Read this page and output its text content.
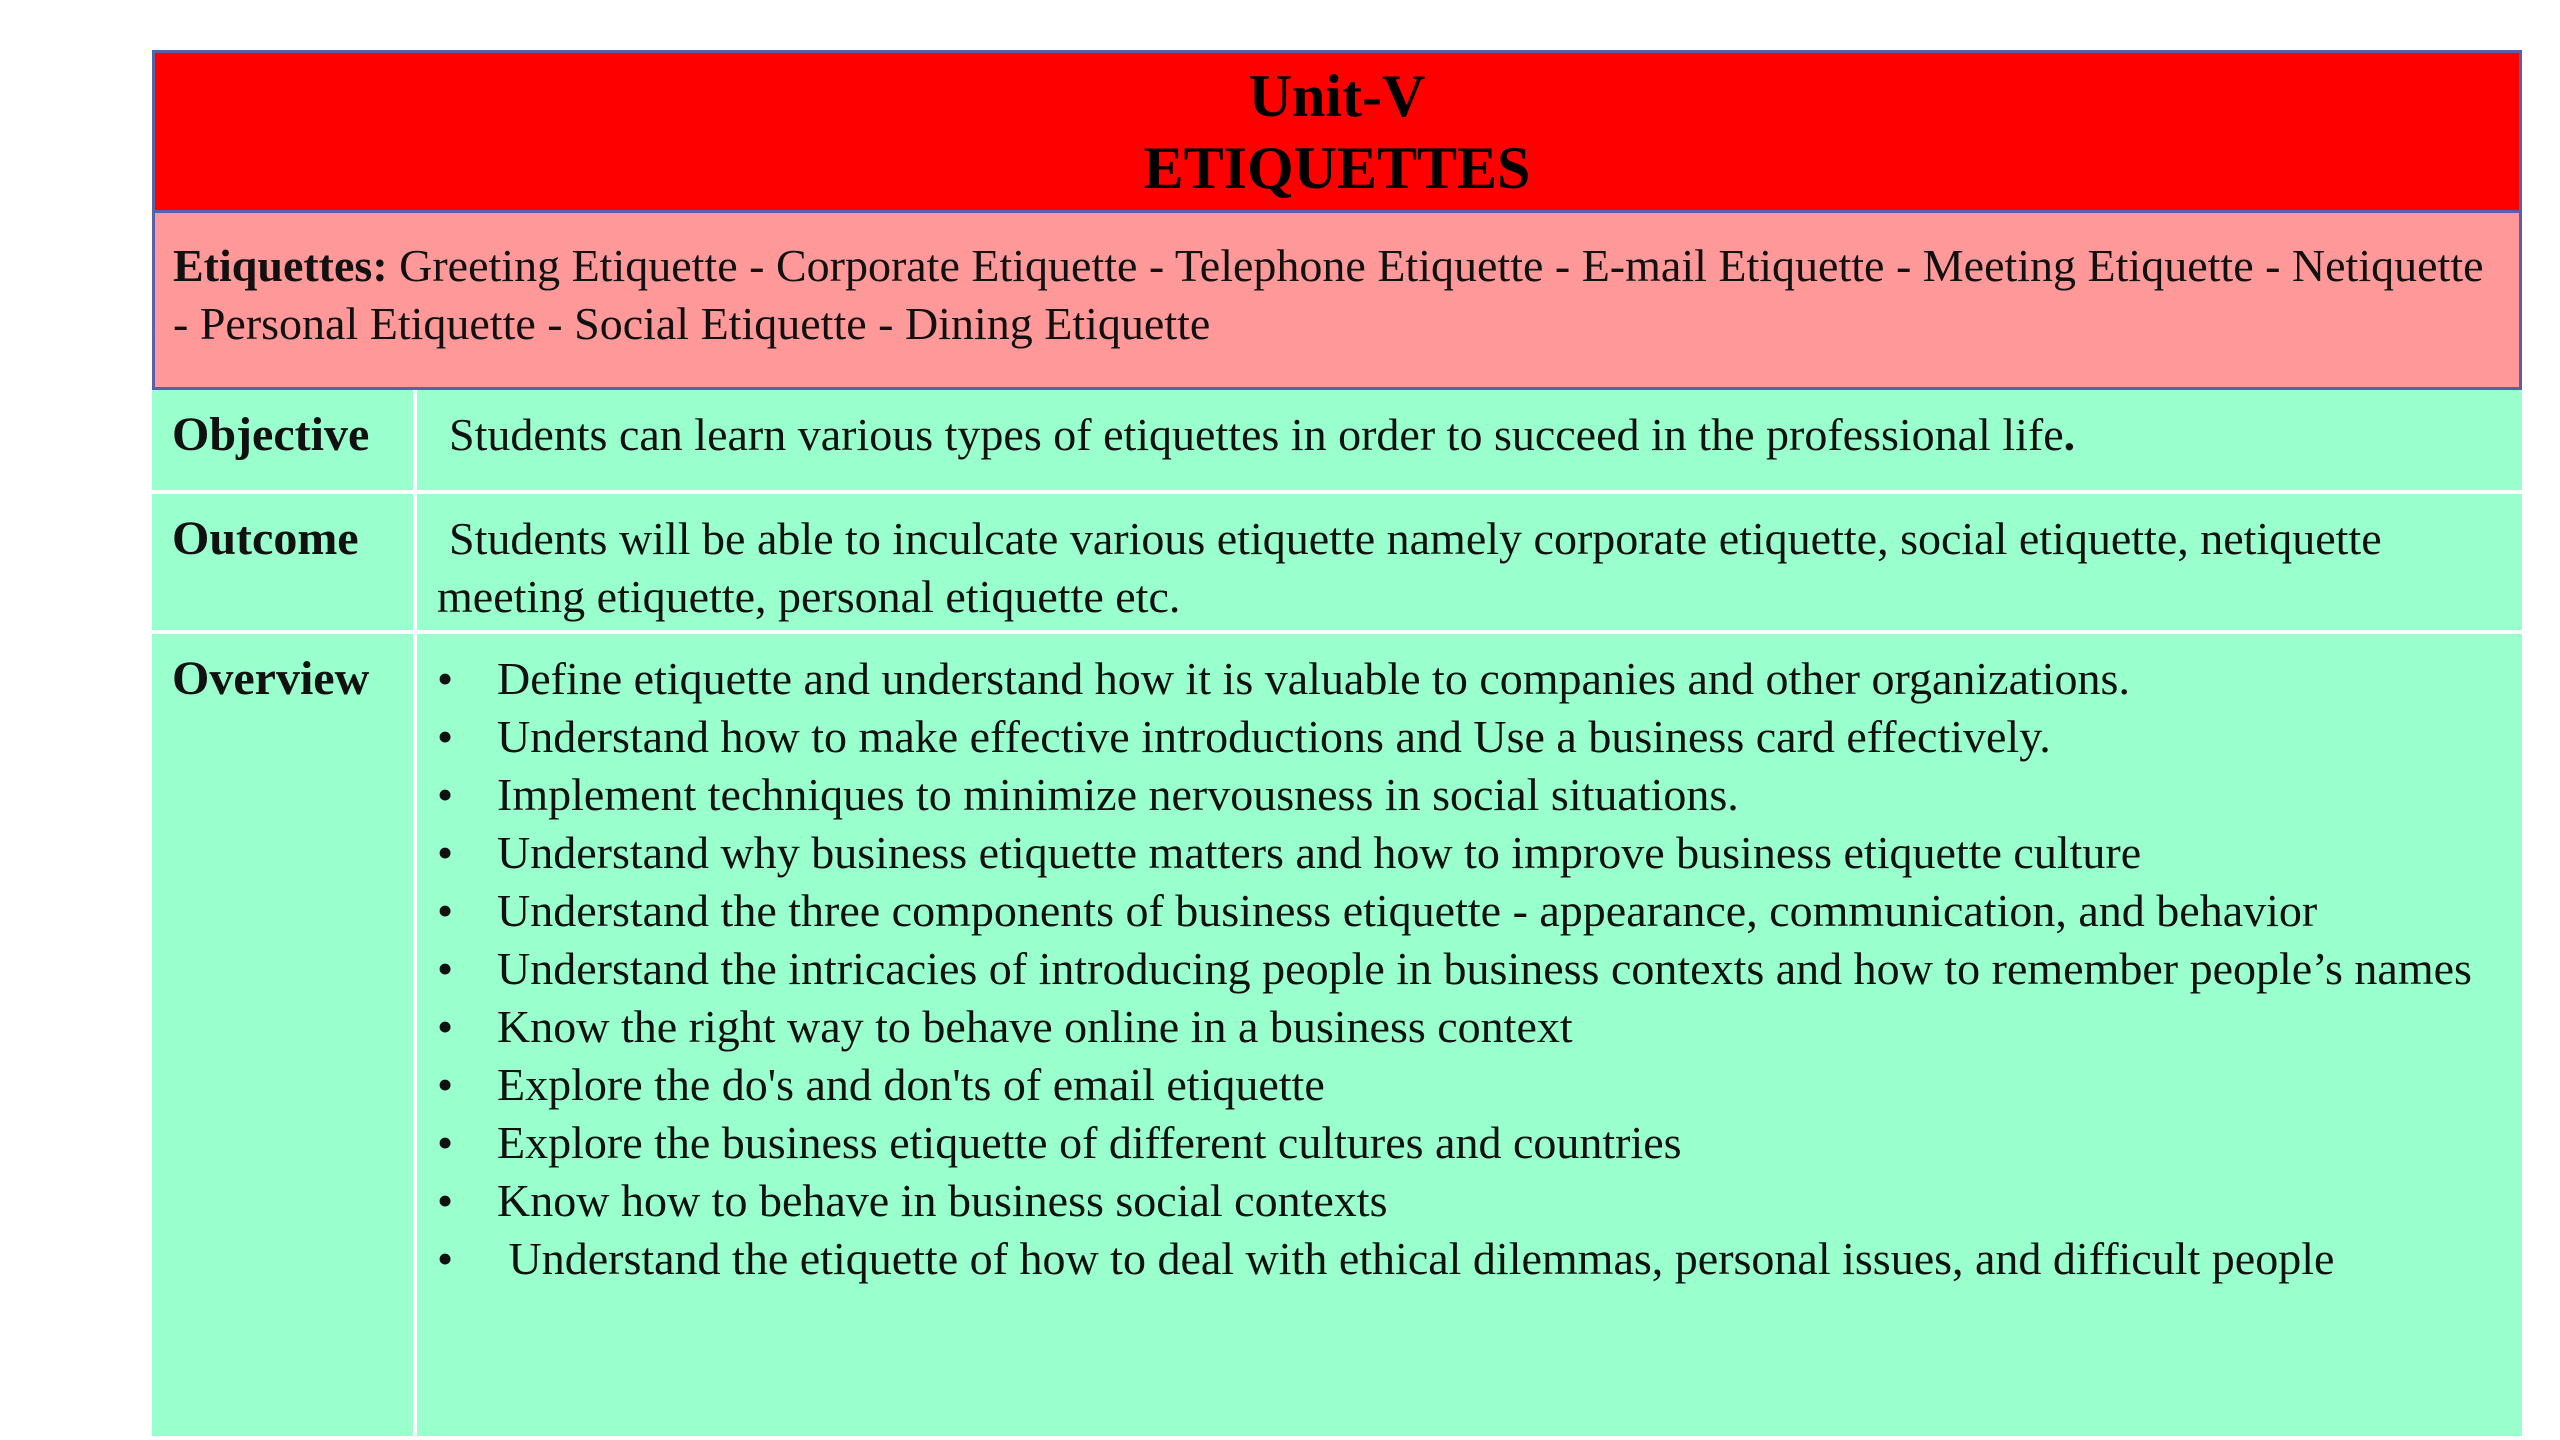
Unit-V
ETIQUETTES
Etiquettes: Greeting Etiquette - Corporate Etiquette - Telephone Etiquette - E-mail Etiquette - Meeting Etiquette - Netiquette - Personal Etiquette - Social Etiquette - Dining Etiquette
Objective	Students can learn various types of etiquettes in order to succeed in the professional life.
Outcome	Students will be able to inculcate various etiquette namely corporate etiquette, social etiquette, netiquette meeting etiquette, personal etiquette etc.
Overview	• Define etiquette and understand how it is valuable to companies and other organizations.
• Understand how to make effective introductions and Use a business card effectively.
• Implement techniques to minimize nervousness in social situations.
• Understand why business etiquette matters and how to improve business etiquette culture
• Understand the three components of business etiquette - appearance, communication, and behavior
• Understand the intricacies of introducing people in business contexts and how to remember people’s names
• Know the right way to behave online in a business context
• Explore the do's and don'ts of email etiquette
• Explore the business etiquette of different cultures and countries
• Know how to behave in business social contexts
• Understand the etiquette of how to deal with ethical dilemmas, personal issues, and difficult people
